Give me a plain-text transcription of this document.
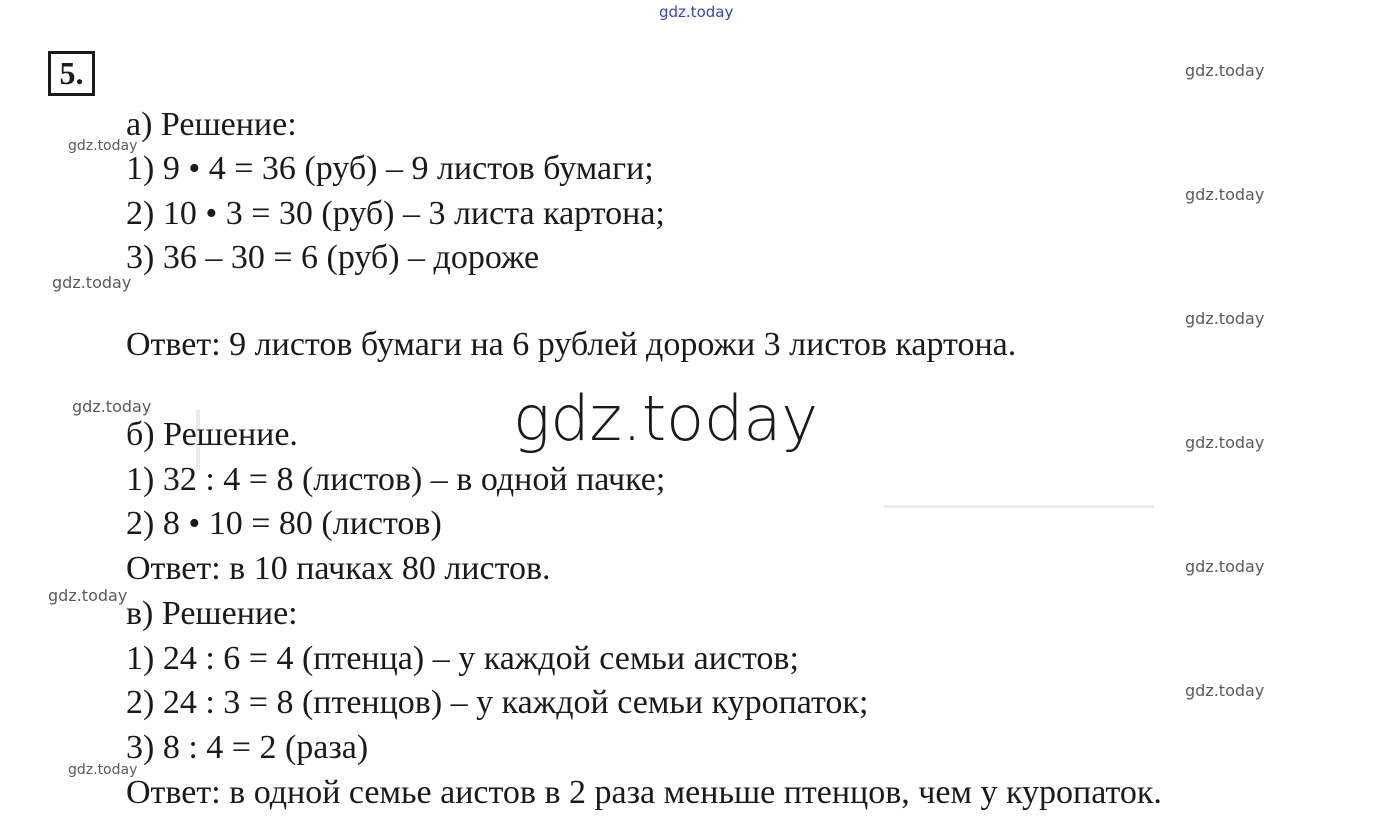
gdz.today
5.
а) Решение:
1) 9 • 4 = 36 (руб) – 9 листов бумаги;
2) 10 • 3 = 30 (руб) – 3 листа картона;
3) 36 – 30 = 6 (руб) – дороже
Ответ: 9 листов бумаги на 6 рублей дорожи 3 листов картона.
б) Решение.
1) 32 : 4 = 8 (листов) – в одной пачке;
2) 8 • 10 = 80 (листов)
Ответ: в 10 пачках 80 листов.
в) Решение:
1) 24 : 6 = 4 (птенца) – у каждой семьи аистов;
2) 24 : 3 = 8 (птенцов) – у каждой семьи куропаток;
3) 8 : 4 = 2 (раза)
Ответ: в одной семье аистов в 2 раза меньше птенцов, чем у куропаток.
gdz.today
gdz.today
gdz.today
gdz.today
gdz.today
gdz.today
gdz.today
gdz.today
gdz.today
gdz.today
gdz.today
gdz.today
